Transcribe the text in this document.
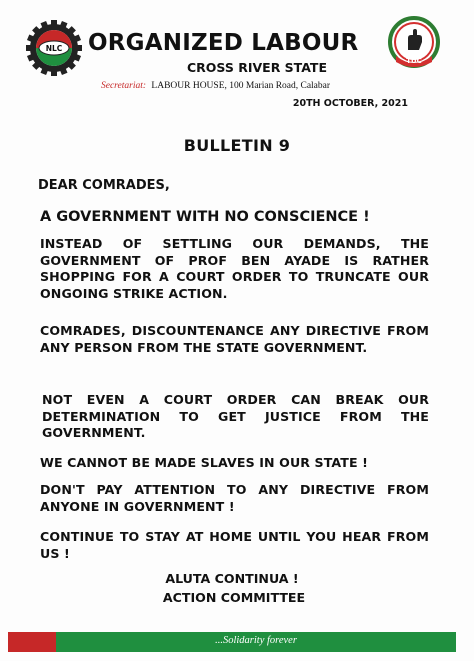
NLC ORGANIZED LABOUR
TUC
CROSS RIVER STATE
Secretariat: LABOUR HOUSE, 100 Marian Road, Calabar
20TH OCTOBER, 2021
BULLETIN 9
DEAR COMRADES,
A GOVERNMENT WITH NO CONSCIENCE !
INSTEAD OF SETTLING OUR DEMANDS, THE GOVERNMENT OF PROF BEN AYADE IS RATHER SHOPPING FOR A COURT ORDER TO TRUNCATE OUR ONGOING STRIKE ACTION.
COMRADES, DISCOUNTENANCE ANY DIRECTIVE FROM ANY PERSON FROM THE STATE GOVERNMENT.
NOT EVEN A COURT ORDER CAN BREAK OUR DETERMINATION TO GET JUSTICE FROM THE GOVERNMENT.
WE CANNOT BE MADE SLAVES IN OUR STATE !
DON'T PAY ATTENTION TO ANY DIRECTIVE FROM ANYONE IN GOVERNMENT !
CONTINUE TO STAY AT HOME UNTIL YOU HEAR FROM US !
ALUTA CONTINUA !
ACTION COMMITTEE
...Solidarity forever
